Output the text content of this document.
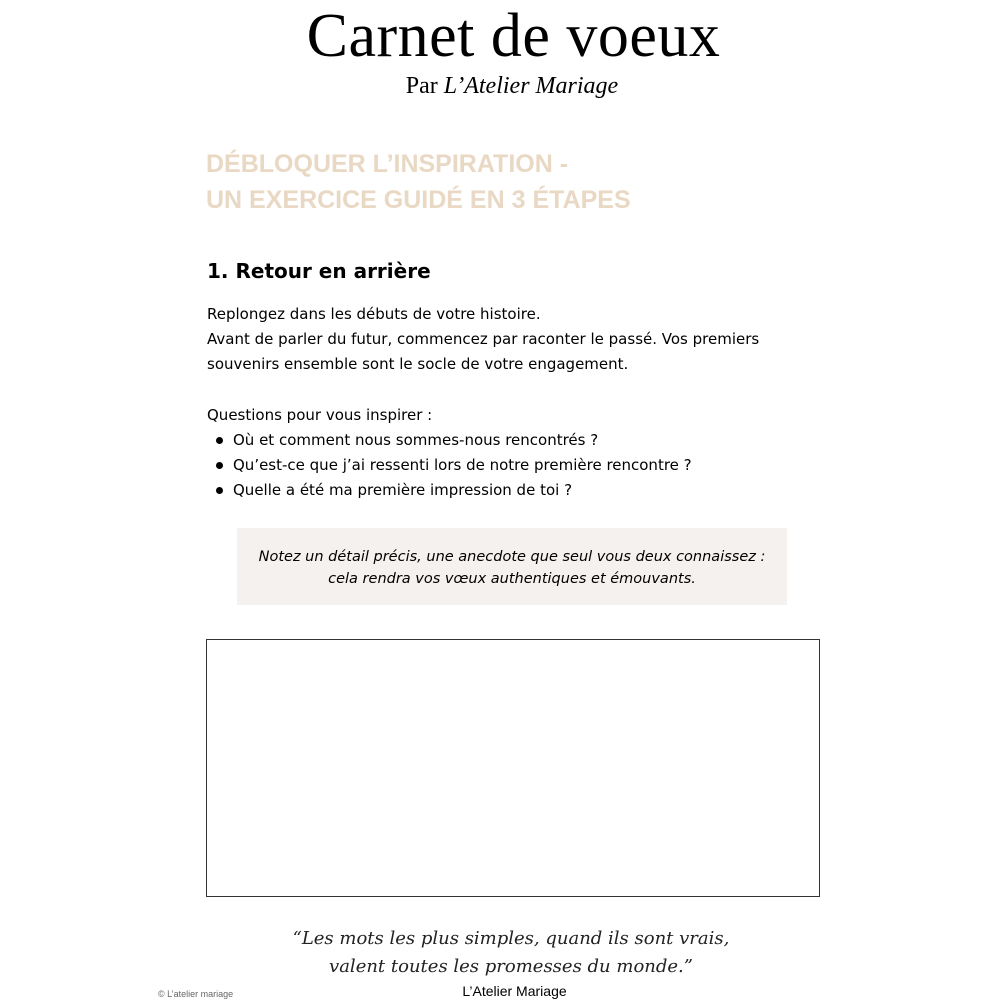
Carnet de voeux
Par L’Atelier Mariage
DÉBLOQUER L’INSPIRATION -
UN EXERCICE GUIDÉ EN 3 ÉTAPES
1. Retour en arrière

Replongez dans les débuts de votre histoire.

Avant de parler du futur, commencez par raconter le passé. Vos premiers souvenirs ensemble sont le socle de votre engagement.

Questions pour vous inspirer :
Où et comment nous sommes-nous rencontrés ?
Qu’est-ce que j’ai ressenti lors de notre première rencontre ?
Quelle a été ma première impression de toi ?
Notez un détail précis, une anecdote que seul vous deux connaissez :
cela rendra vos vœux authentiques et émouvants.
“Les mots les plus simples, quand ils sont vrais,
valent toutes les promesses du monde.”
L’Atelier Mariage
© L’atelier mariage
